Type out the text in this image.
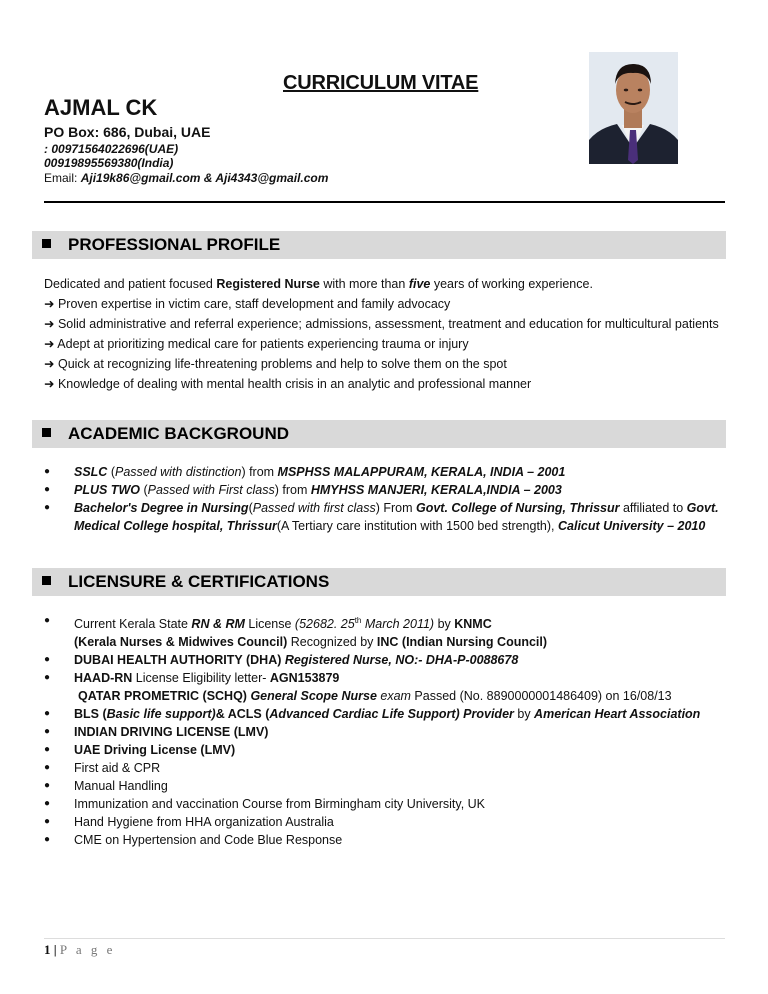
CURRICULUM VITAE
AJMAL CK
PO Box: 686, Dubai, UAE
: 00971564022696(UAE)
00919895569380(India)
Email: Aji19k86@gmail.com & Aji4343@gmail.com
PROFESSIONAL PROFILE

Dedicated and patient focused Registered Nurse with more than five years of working experience.

➜ Proven expertise in victim care, staff development and family advocacy

➜ Solid administrative and referral experience; admissions, assessment, treatment and education for multicultural patients

➜ Adept at prioritizing medical care for patients experiencing trauma or injury

➜ Quick at recognizing life-threatening problems and help to solve them on the spot

➜ Knowledge of dealing with mental health crisis in an analytic and professional manner

ACADEMIC BACKGROUND
● SSLC (Passed with distinction) from MSPHSS MALAPPURAM, KERALA, INDIA – 2001
● PLUS TWO (Passed with First class) from HMYHSS MANJERI, KERALA,INDIA – 2003
● Bachelor's Degree in Nursing(Passed with first class) From Govt. College of Nursing, Thrissur affiliated to Govt. Medical College hospital, Thrissur(A Tertiary care institution with 1500 bed strength), Calicut University – 2010
LICENSURE & CERTIFICATIONS
● Current Kerala State RN & RM License (52682. 25th March 2011) by KNMC
(Kerala Nurses & Midwives Council) Recognized by INC (Indian Nursing Council)
● DUBAI HEALTH AUTHORITY (DHA) Registered Nurse, NO:- DHA-P-0088678
● HAAD-RN License Eligibility letter- AGN153879
QATAR PROMETRIC (SCHQ) General Scope Nurse exam Passed (No. 8890000001486409) on 16/08/13
● BLS (Basic life support)& ACLS (Advanced Cardiac Life Support) Provider by American Heart Association
● INDIAN DRIVING LICENSE (LMV)
● UAE Driving License (LMV)
● First aid & CPR
● Manual Handling
● Immunization and vaccination Course from Birmingham city University, UK
● Hand Hygiene from HHA organization Australia
● CME on Hypertension and Code Blue Response
1 | P a g e
